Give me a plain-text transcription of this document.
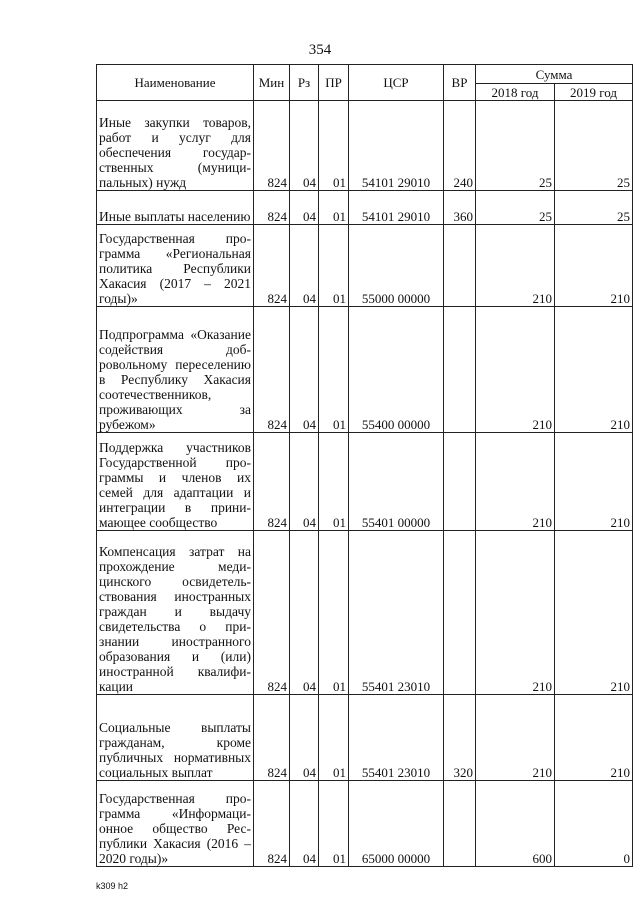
354
Наименование	Мин	Рз	ПР	ЦСР	ВР	Сумма	
						2018 год	2019 год
Иные закупки товаров, работ и услуг для обеспечения государственных (муниципальных) нужд	824	04	01	54101 29010	240	25	25
Иные выплаты населению	824	04	01	54101 29010	360	25	25
Государственная программа «Региональная политика Республики Хакасия (2017 – 2021 годы)»	824	04	01	55000 00000		210	210
Подпрограмма «Оказание содействия добровольному переселению в Республику Хакасия соотечественников, проживающих за рубежом»	824	04	01	55400 00000		210	210
Поддержка участников Государственной программы и членов их семей для адаптации и интеграции в принимающее сообщество	824	04	01	55401 00000		210	210
Компенсация затрат на прохождение медицинского освидетельствования иностранных граждан и выдачу свидетельства о признании иностранного образования и (или) иностранной квалификации	824	04	01	55401 23010		210	210
Социальные выплаты гражданам, кроме публичных нормативных социальных выплат	824	04	01	55401 23010	320	210	210
Государственная программа «Информационное общество Республики Хакасия (2016 – 2020 годы)»	824	04	01	65000 00000		600	0
k309 h2
